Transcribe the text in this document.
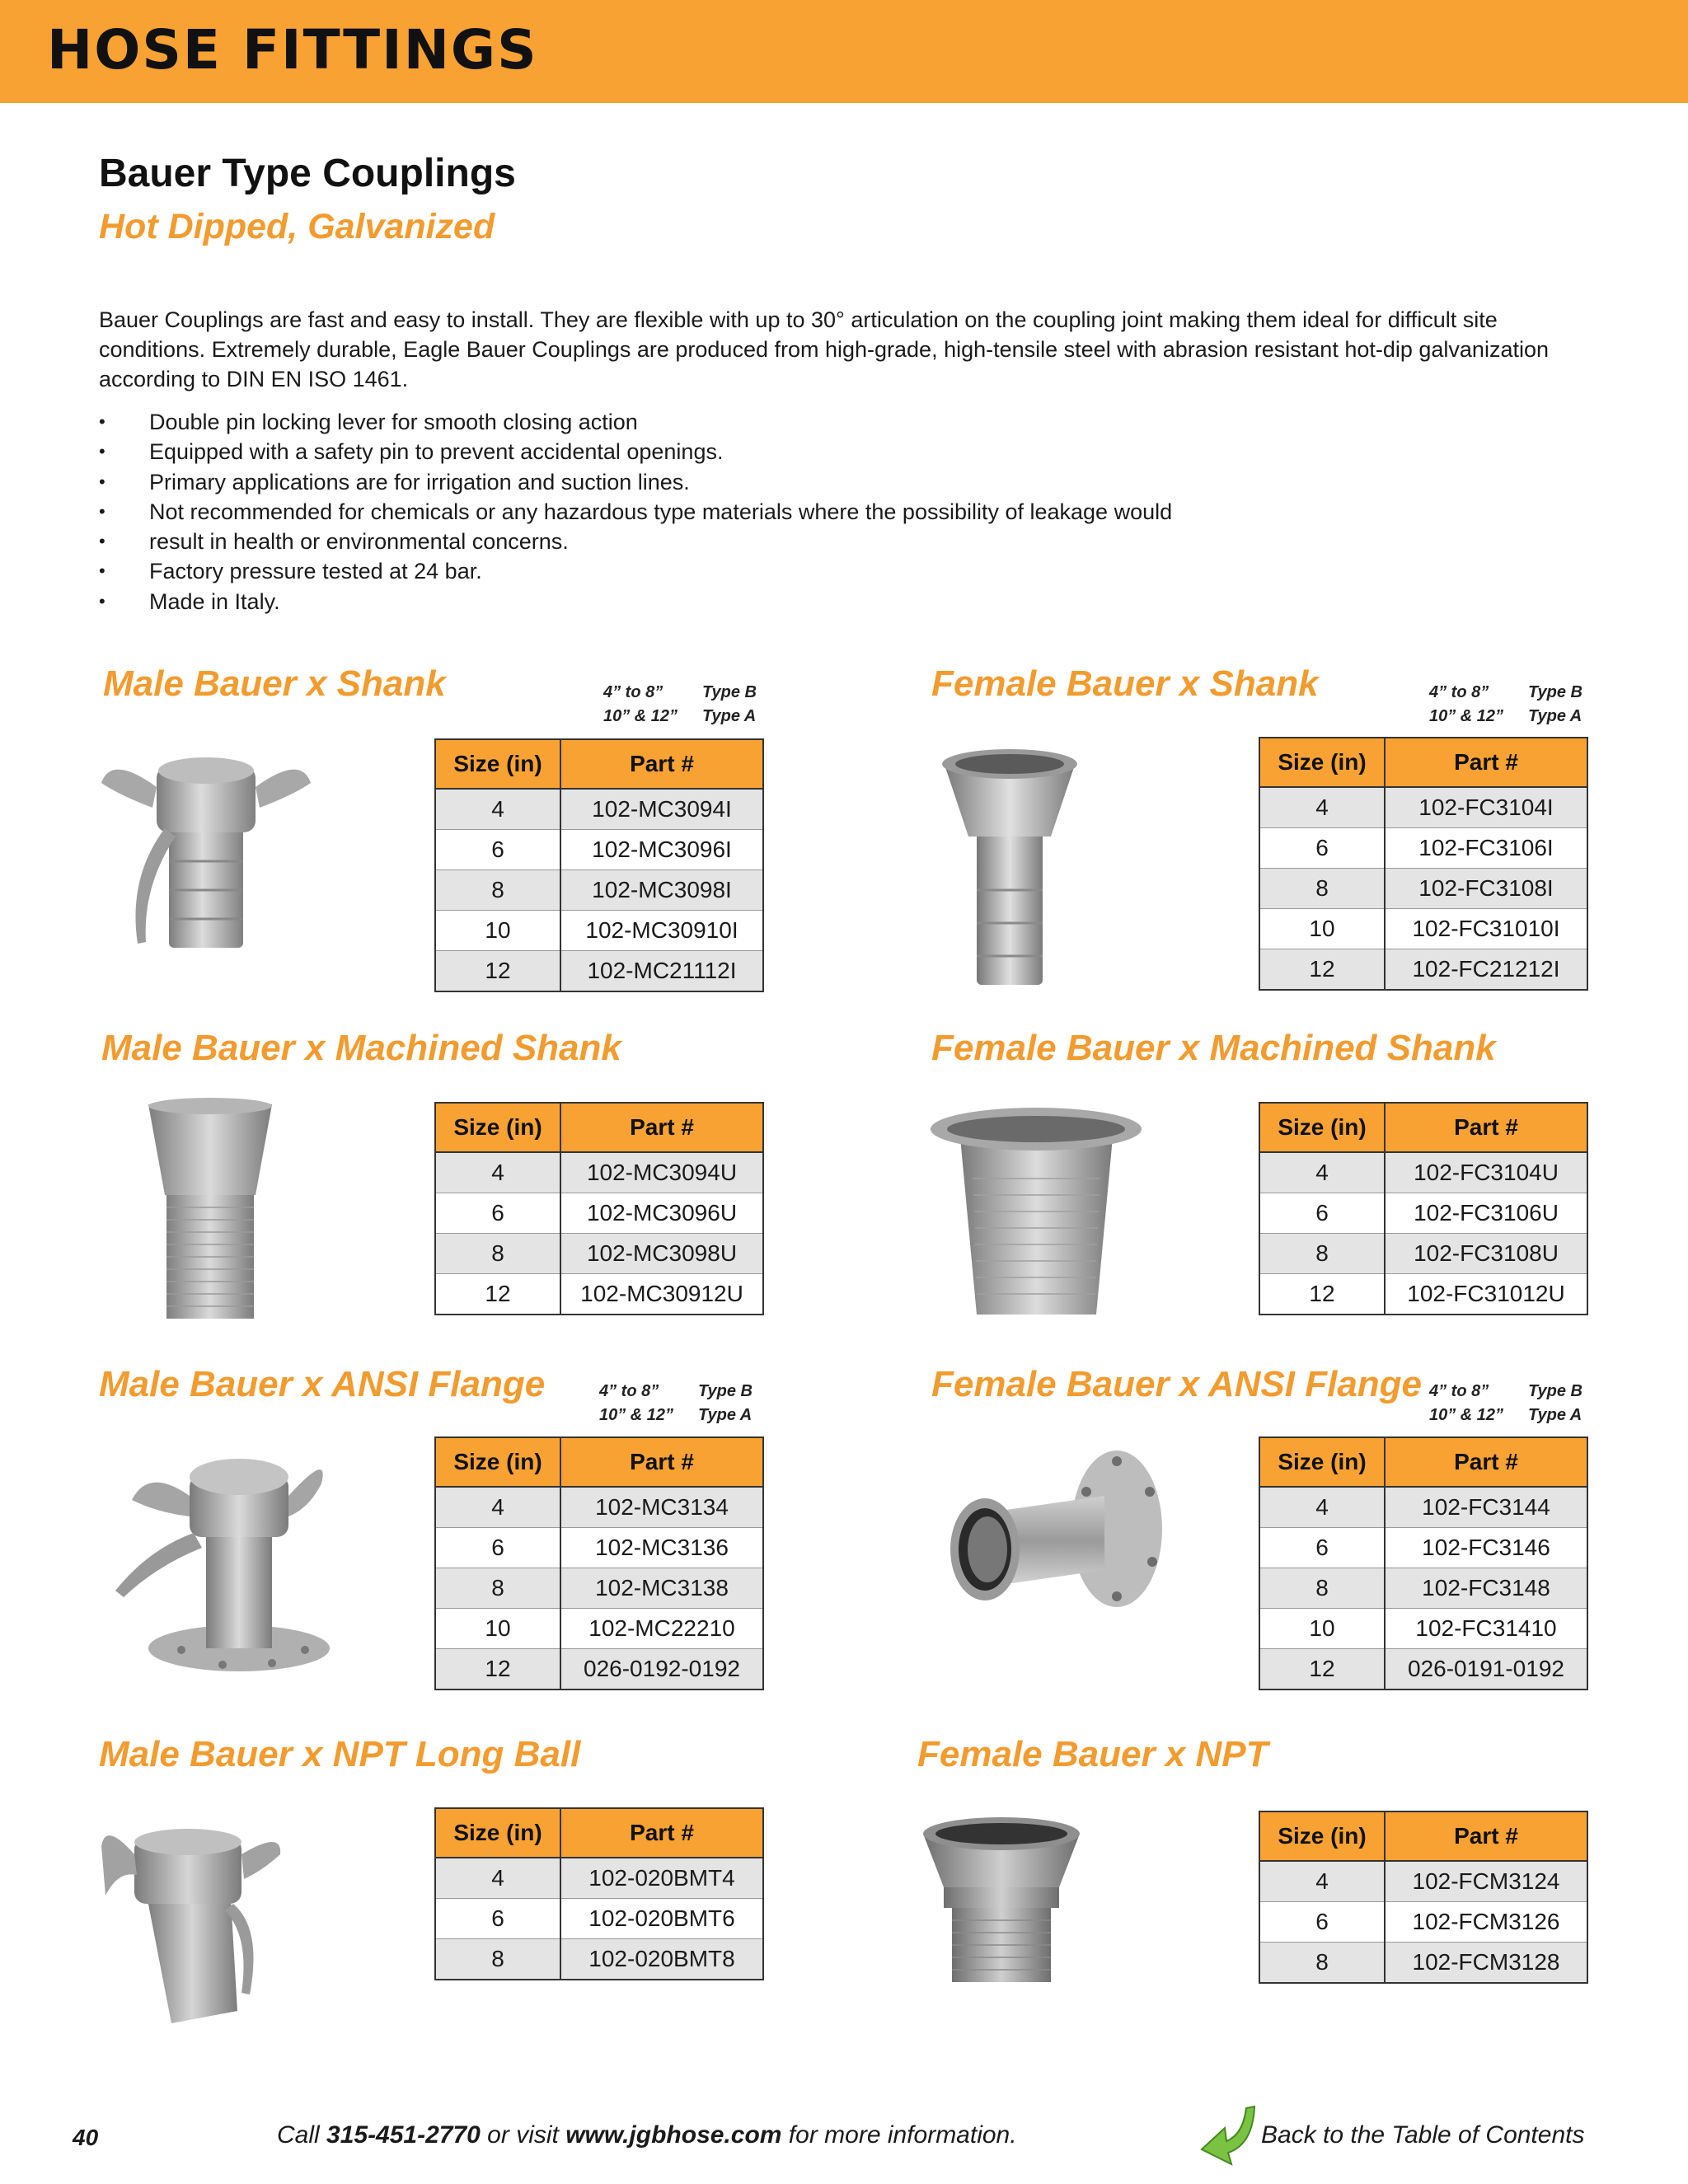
HOSE FITTINGS
Bauer Type Couplings
Hot Dipped, Galvanized
Bauer Couplings are fast and easy to install. They are flexible with up to 30° articulation on the coupling joint making them ideal for difficult site conditions. Extremely durable, Eagle Bauer Couplings are produced from high-grade, high-tensile steel with abrasion resistant hot-dip galvanization according to DIN EN ISO 1461.
• Double pin locking lever for smooth closing action
• Equipped with a safety pin to prevent accidental openings.
• Primary applications are for irrigation and suction lines.
• Not recommended for chemicals or any hazardous type materials where the possibility of leakage would
• result in health or environmental concerns.
• Factory pressure tested at 24 bar.
• Made in Italy.
Male Bauer x Shank	4” to 8” Type B
10” & 12” Type A
Size (in)	Part #
4	102-MC3094I
6	102-MC3096I
8	102-MC3098I
10	102-MC30910I
12	102-MC21112I
Female Bauer x Shank	4” to 8” Type B
10” & 12” Type A
Size (in)	Part #
4	102-FC3104I
6	102-FC3106I
8	102-FC3108I
10	102-FC31010I
12	102-FC21212I
Male Bauer x Machined Shank
Size (in)	Part #
4	102-MC3094U
6	102-MC3096U
8	102-MC3098U
12	102-MC30912U
Female Bauer x Machined Shank
Size (in)	Part #
4	102-FC3104U
6	102-FC3106U
8	102-FC3108U
12	102-FC31012U
Male Bauer x ANSI Flange	4” to 8” Type B
10” & 12” Type A
Size (in)	Part #
4	102-MC3134
6	102-MC3136
8	102-MC3138
10	102-MC22210
12	026-0192-0192
Female Bauer x ANSI Flange 4” to 8” Type B
10” & 12” Type A
Size (in)	Part #
4	102-FC3144
6	102-FC3146
8	102-FC3148
10	102-FC31410
12	026-0191-0192
Male Bauer x NPT Long Ball
Size (in)	Part #
4	102-020BMT4
6	102-020BMT6
8	102-020BMT8
Female Bauer x NPT
Size (in)	Part #
4	102-FCM3124
6	102-FCM3126
8	102-FCM3128
40	Call 315-451-2770 or visit www.jgbhose.com for more information.	Back to the Table of Contents
